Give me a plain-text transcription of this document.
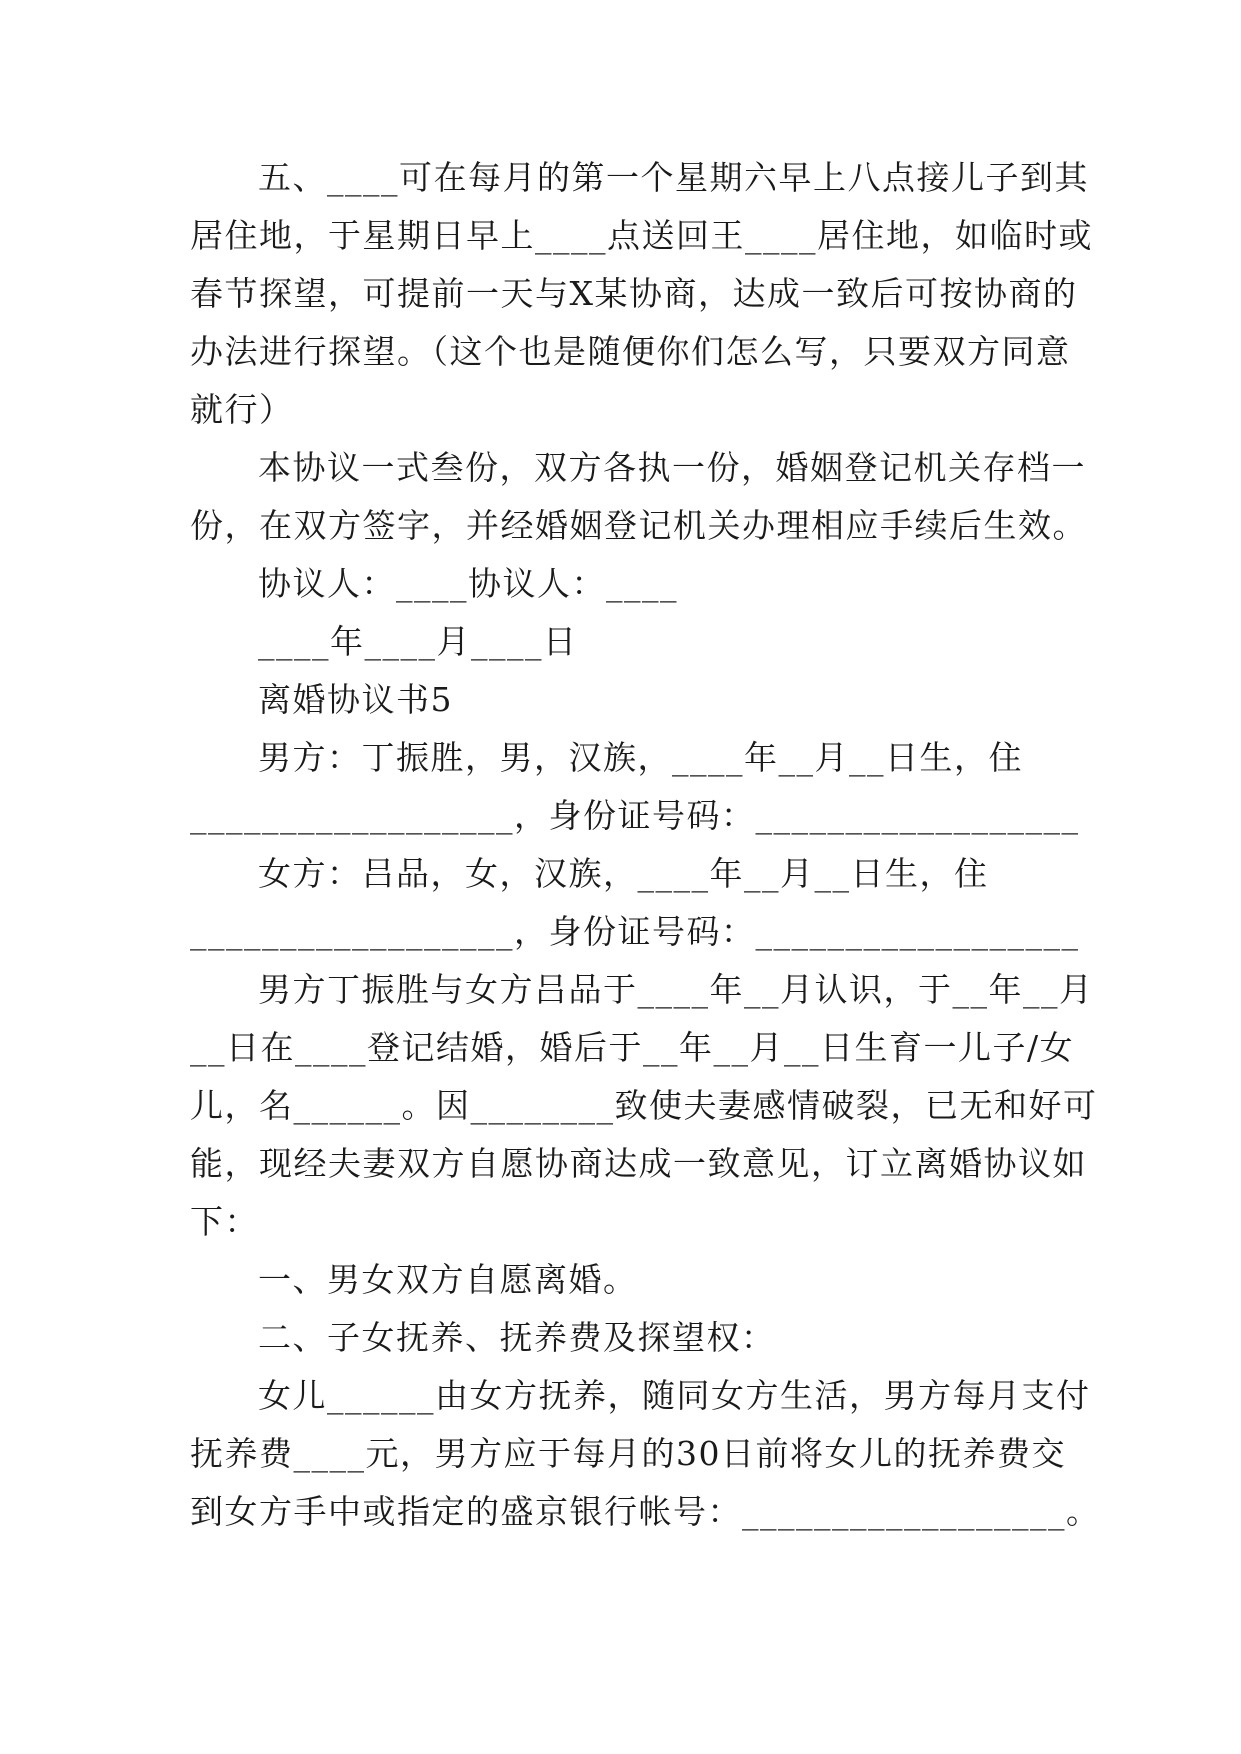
五、____可在每月的第一个星期六早上八点接儿子到其
居住地，于星期日早上____点送回王____居住地，如临时或
春节探望，可提前一天与X某协商，达成一致后可按协商的
办法进行探望。（这个也是随便你们怎么写，只要双方同意
就行）
本协议一式叁份，双方各执一份，婚姻登记机关存档一
份，在双方签字，并经婚姻登记机关办理相应手续后生效。
协议人：____协议人：____
____年____月____日
离婚协议书5
男方：丁振胜，男，汉族，____年__月__日生，住
__________________，身份证号码：__________________
女方：吕品，女，汉族，____年__月__日生，住
__________________，身份证号码：__________________
男方丁振胜与女方吕品于____年__月认识，于__年__月
__日在____登记结婚，婚后于__年__月__日生育一儿子/女
儿，名______。因________致使夫妻感情破裂，已无和好可
能，现经夫妻双方自愿协商达成一致意见，订立离婚协议如
下：
一、男女双方自愿离婚。
二、子女抚养、抚养费及探望权：
女儿______由女方抚养，随同女方生活，男方每月支付
抚养费____元，男方应于每月的30日前将女儿的抚养费交
到女方手中或指定的盛京银行帐号：__________________。
